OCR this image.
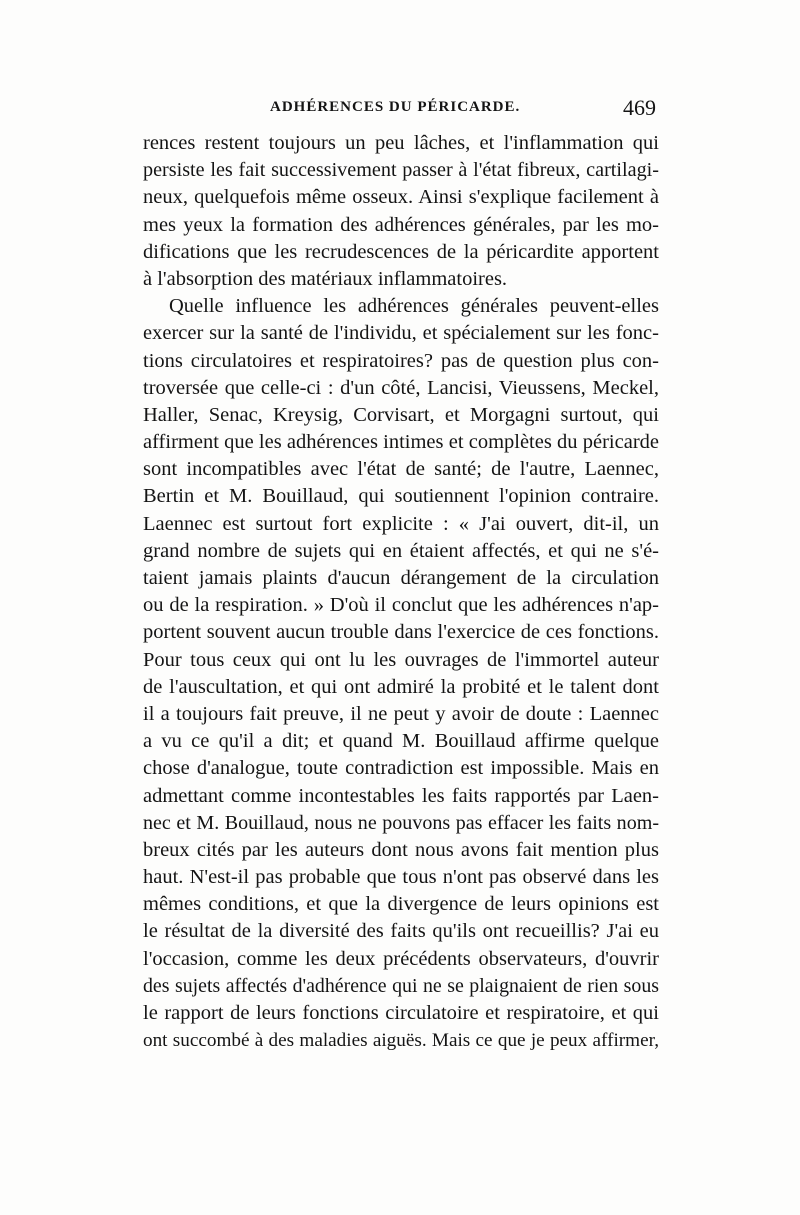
ADHÉRENCES DU PÉRICARDE.	469
rences restent toujours un peu lâches, et l'inflammation qui
persiste les fait successivement passer à l'état fibreux, cartilagi-
neux, quelquefois même osseux. Ainsi s'explique facilement à
mes yeux la formation des adhérences générales, par les mo-
difications que les recrudescences de la péricardite apportent
à l'absorption des matériaux inflammatoires.
Quelle influence les adhérences générales peuvent-elles
exercer sur la santé de l'individu, et spécialement sur les fonc-
tions circulatoires et respiratoires? pas de question plus con-
troversée que celle-ci : d'un côté, Lancisi, Vieussens, Meckel,
Haller, Senac, Kreysig, Corvisart, et Morgagni surtout, qui
affirment que les adhérences intimes et complètes du péricarde
sont incompatibles avec l'état de santé; de l'autre, Laennec,
Bertin et M. Bouillaud, qui soutiennent l'opinion contraire.
Laennec est surtout fort explicite : « J'ai ouvert, dit-il, un
grand nombre de sujets qui en étaient affectés, et qui ne s'é-
taient jamais plaints d'aucun dérangement de la circulation
ou de la respiration. » D'où il conclut que les adhérences n'ap-
portent souvent aucun trouble dans l'exercice de ces fonctions.
Pour tous ceux qui ont lu les ouvrages de l'immortel auteur
de l'auscultation, et qui ont admiré la probité et le talent dont
il a toujours fait preuve, il ne peut y avoir de doute : Laennec
a vu ce qu'il a dit; et quand M. Bouillaud affirme quelque
chose d'analogue, toute contradiction est impossible. Mais en
admettant comme incontestables les faits rapportés par Laen-
nec et M. Bouillaud, nous ne pouvons pas effacer les faits nom-
breux cités par les auteurs dont nous avons fait mention plus
haut. N'est-il pas probable que tous n'ont pas observé dans les
mêmes conditions, et que la divergence de leurs opinions est
le résultat de la diversité des faits qu'ils ont recueillis? J'ai eu
l'occasion, comme les deux précédents observateurs, d'ouvrir
des sujets affectés d'adhérence qui ne se plaignaient de rien sous
le rapport de leurs fonctions circulatoire et respiratoire, et qui
ont succombé à des maladies aiguës. Mais ce que je peux affirmer,
